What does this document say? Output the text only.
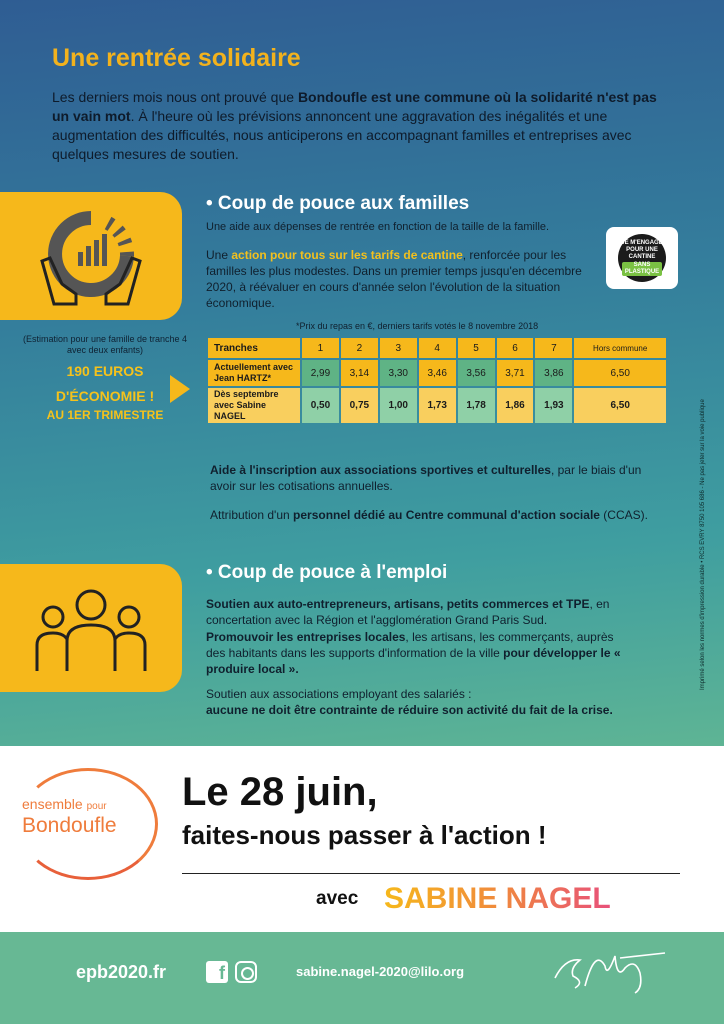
Une rentrée solidaire

Les derniers mois nous ont prouvé que Bondoufle est une commune où la solidarité n'est pas un vain mot. À l'heure où les prévisions annoncent une aggravation des inégalités et une augmentation des difficultés, nous anticiperons en accompagnant familles et entreprises avec quelques mesures de soutien.

• Coup de pouce aux familles
Une aide aux dépenses de rentrée en fonction de la taille de la famille.

Une action pour tous sur les tarifs de cantine, renforcée pour les familles les plus modestes. Dans un premier temps jusqu'en décembre 2020, à réévaluer en cours d'année selon l'évolution de la situation économique.

JE M'ENGAGE
POUR UNE CANTINE
SANS PLASTIQUE
*Prix du repas en €, derniers tarifs votés le 8 novembre 2018
Tranches	1	2	3	4	5	6	7	Hors commune
Actuellement avec Jean HARTZ*	2,99	3,14	3,30	3,46	3,56	3,71	3,86	6,50
Dès septembre avec Sabine NAGEL	0,50	0,75	1,00	1,73	1,78	1,86	1,93	6,50
(Estimation pour une famille de tranche 4 avec deux enfants)
190 EUROS
D'ÉCONOMIE !
AU 1ER TRIMESTRE

Aide à l'inscription aux associations sportives et culturelles, par le biais d'un avoir sur les cotisations annuelles.

Attribution d'un personnel dédié au Centre communal d'action sociale (CCAS).

• Coup de pouce à l'emploi

Soutien aux auto-entrepreneurs, artisans, petits commerces et TPE, en concertation avec la Région et l'agglomération Grand Paris Sud.

Promouvoir les entreprises locales, les artisans, les commerçants, auprès des habitants dans les supports d'information de la ville pour développer le « produire local ».

Soutien aux associations employant des salariés :
aucune ne doit être contrainte de réduire son activité du fait de la crise.

Imprimé selon les normes d'impression durable • RCS EVRY 8750 105 686 - Ne pas jeter sur la voie publique
ensemble pour
Bondoufle
Le 28 juin,
faites-nous passer à l'action !
avec SABINE NAGEL
epb2020.fr	f	sabine.nagel-2020@lilo.org
